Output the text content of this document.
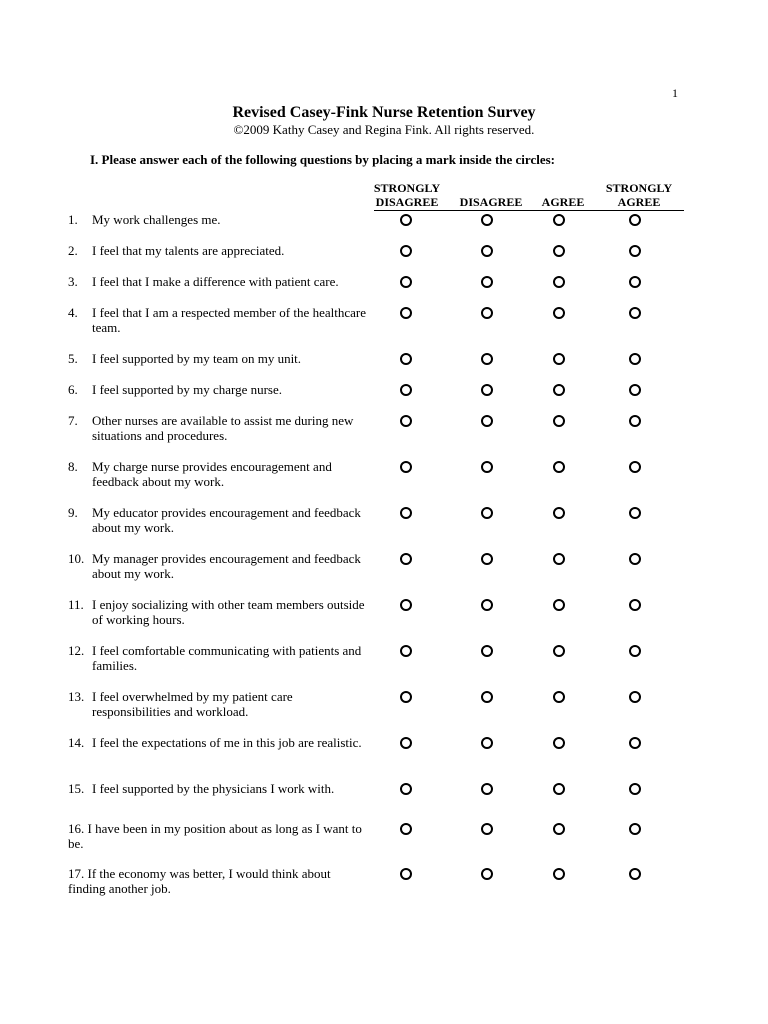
1
Revised Casey-Fink Nurse Retention Survey
©2009 Kathy Casey and Regina Fink. All rights reserved.
I. Please answer each of the following questions by placing a mark inside the circles:
STRONGLY
DISAGREE	DISAGREE	AGREE
STRONGLY
AGREE
1. My work challenges me.
2. I feel that my talents are appreciated.
3. I feel that I make a difference with patient care.
4. I feel that I am a respected member of the healthcare team.
5. I feel supported by my team on my unit.
6. I feel supported by my charge nurse.
7. Other nurses are available to assist me during new situations and procedures.
8. My charge nurse provides encouragement and feedback about my work.
9. My educator provides encouragement and feedback about my work.
10. My manager provides encouragement and feedback about my work.
11. I enjoy socializing with other team members outside of working hours.
12. I feel comfortable communicating with patients and families.
13. I feel overwhelmed by my patient care responsibilities and workload.
14. I feel the expectations of me in this job are realistic.
15. I feel supported by the physicians I work with.
16. I have been in my position about as long as I want to be.
17. If the economy was better, I would think about finding another job.
